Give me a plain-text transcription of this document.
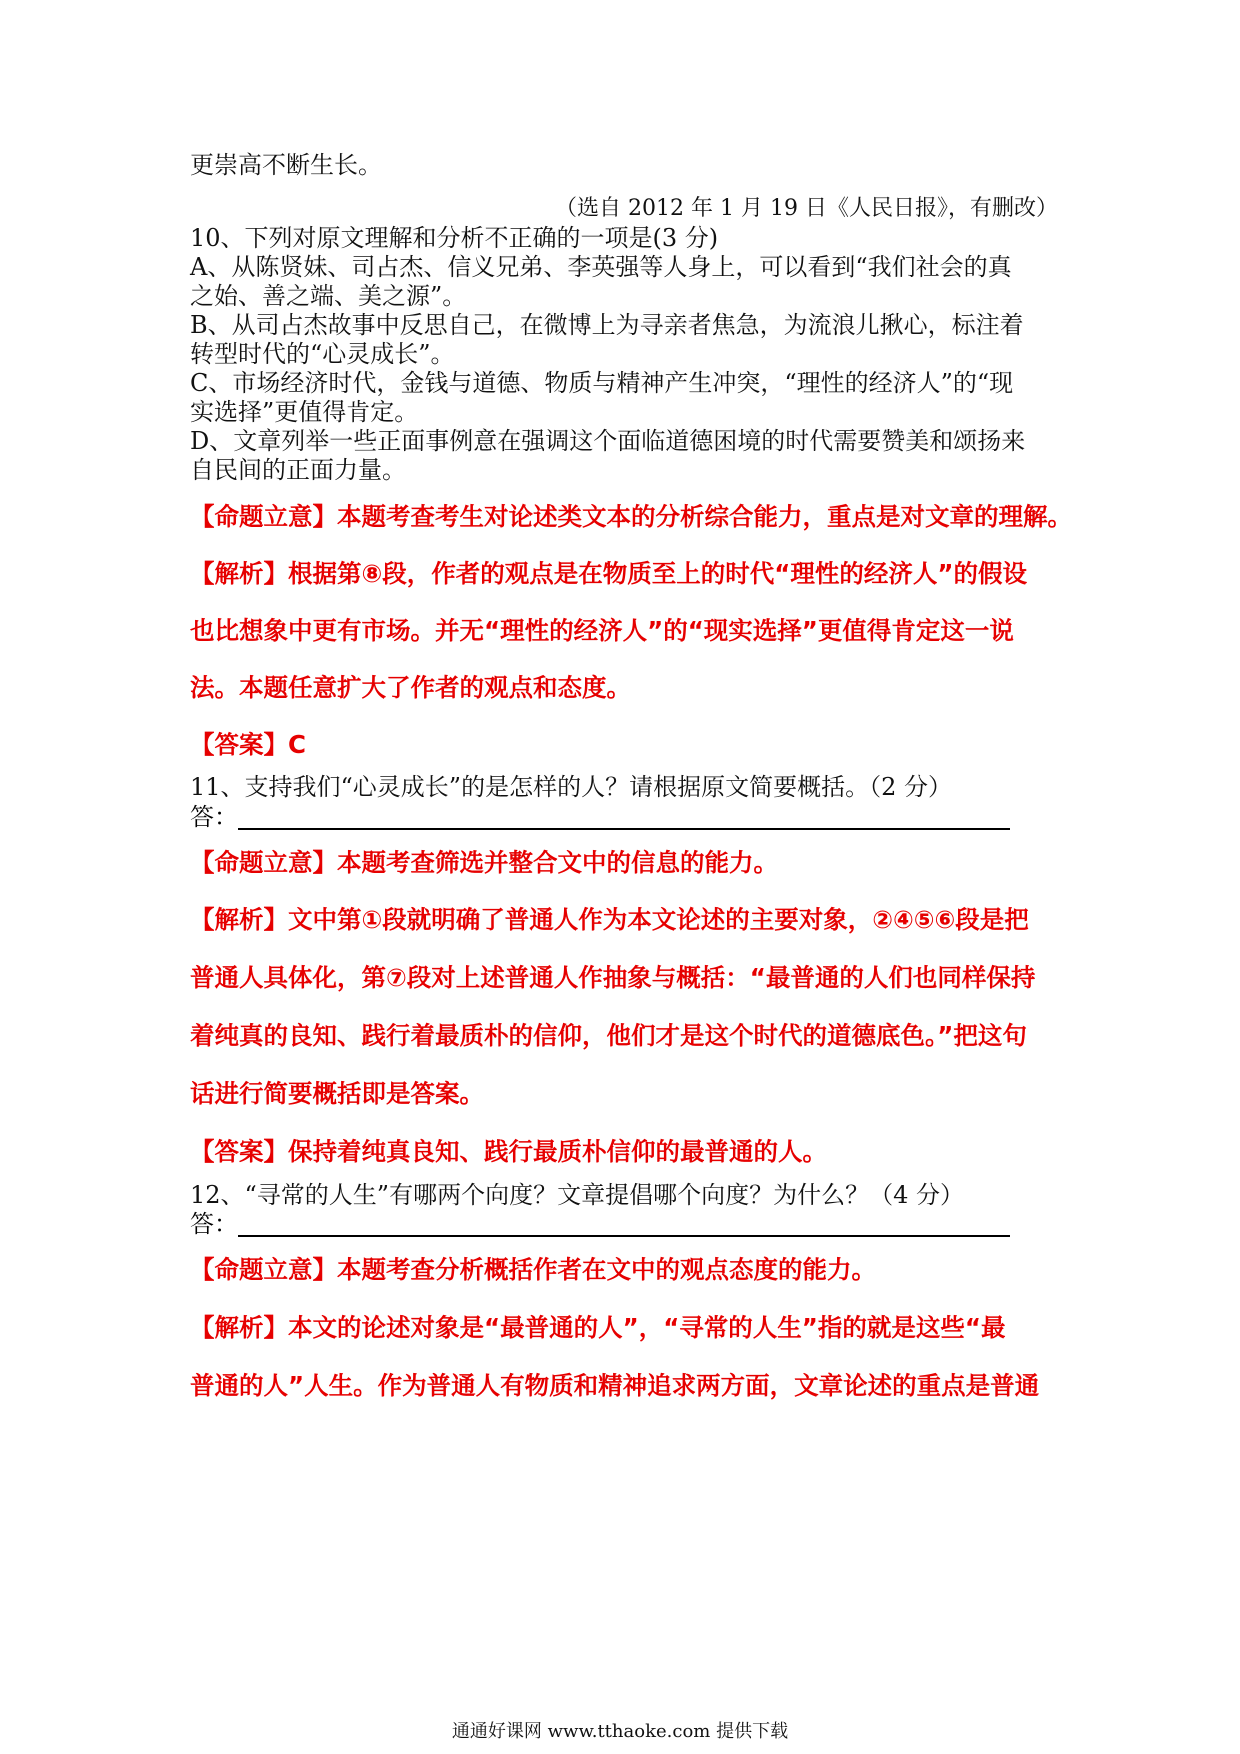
更崇高不断生长。
（选自 2012 年 1 月 19 日《人民日报》，有删改）
10、下列对原文理解和分析不正确的一项是(3 分)
A、从陈贤妹、司占杰、信义兄弟、李英强等人身上，可以看到“我们社会的真
之始、善之端、美之源”。
B、从司占杰故事中反思自己，在微博上为寻亲者焦急，为流浪儿揪心，标注着
转型时代的“心灵成长”。
C、市场经济时代，金钱与道德、物质与精神产生冲突，“理性的经济人”的“现
实选择”更值得肯定。
D、文章列举一些正面事例意在强调这个面临道德困境的时代需要赞美和颂扬来
自民间的正面力量。
【命题立意】本题考查考生对论述类文本的分析综合能力，重点是对文章的理解。
【解析】根据第⑧段，作者的观点是在物质至上的时代“理性的经济人”的假设
也比想象中更有市场。并无“理性的经济人”的“现实选择”更值得肯定这一说
法。本题任意扩大了作者的观点和态度。
【答案】C
11、支持我们“心灵成长”的是怎样的人？请根据原文简要概括。（2 分）
答：
【命题立意】本题考查筛选并整合文中的信息的能力。
【解析】文中第①段就明确了普通人作为本文论述的主要对象，②④⑤⑥段是把
普通人具体化，第⑦段对上述普通人作抽象与概括：“最普通的人们也同样保持
着纯真的良知、践行着最质朴的信仰，他们才是这个时代的道德底色。”把这句
话进行简要概括即是答案。
【答案】保持着纯真良知、践行最质朴信仰的最普通的人。
12、“寻常的人生”有哪两个向度？文章提倡哪个向度？为什么？（4 分）
答：
【命题立意】本题考查分析概括作者在文中的观点态度的能力。
【解析】本文的论述对象是“最普通的人”，“寻常的人生”指的就是这些“最
普通的人”人生。作为普通人有物质和精神追求两方面，文章论述的重点是普通
通通好课网 www.tthaoke.com 提供下载
